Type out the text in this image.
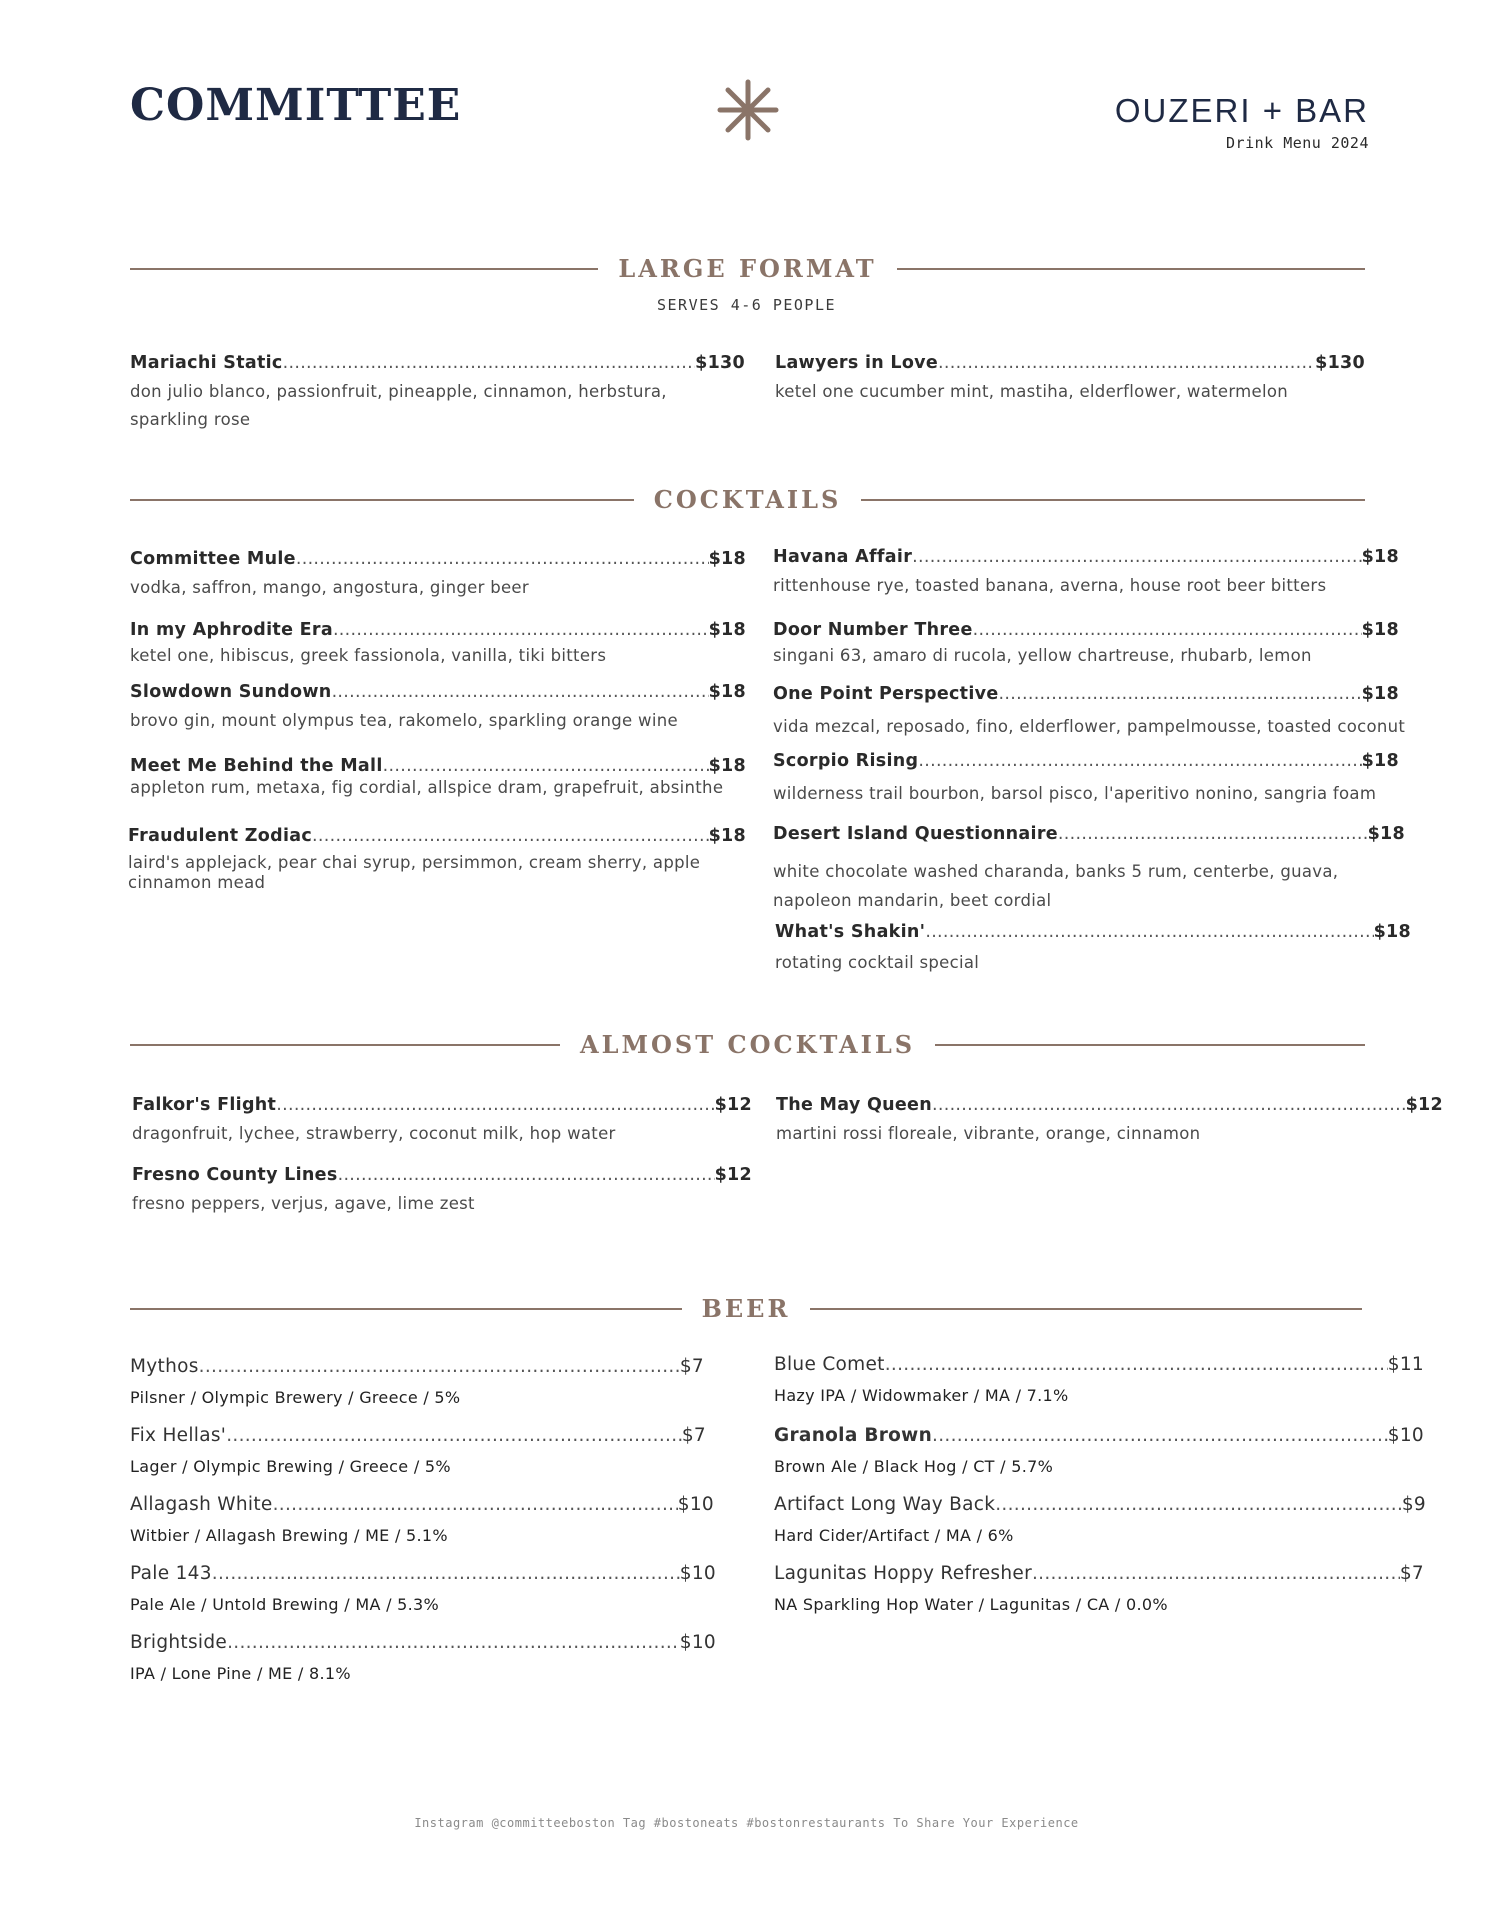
COMMITTEE	OUZERI + BAR
Drink Menu 2024
LARGE FORMAT
SERVES 4-6 PEOPLE
Mariachi Static .....	$130
don julio blanco, passionfruit, pineapple, cinnamon, herbstura, sparkling rose
Lawyers in Love .....	$130
ketel one cucumber mint, mastiha, elderflower, watermelon
COCKTAILS
Committee Mule .....	$18
vodka, saffron, mango, angostura, ginger beer
In my Aphrodite Era .....	$18
ketel one, hibiscus, greek fassionola, vanilla, tiki bitters
Slowdown Sundown .....	$18
brovo gin, mount olympus tea, rakomelo, sparkling orange wine
Meet Me Behind the Mall .....	$18
appleton rum, metaxa, fig cordial, allspice dram, grapefruit, absinthe
Fraudulent Zodiac .....	$18
laird's applejack, pear chai syrup, persimmon, cream sherry, apple cinnamon mead
Havana Affair .....	$18
rittenhouse rye, toasted banana, averna, house root beer bitters
Door Number Three .....	$18
singani 63, amaro di rucola, yellow chartreuse, rhubarb, lemon
One Point Perspective .....	$18
vida mezcal, reposado, fino, elderflower, pampelmousse, toasted coconut
Scorpio Rising .....	$18
wilderness trail bourbon, barsol pisco, l'aperitivo nonino, sangria foam
Desert Island Questionnaire .....	$18
white chocolate washed charanda, banks 5 rum, centerbe, guava, napoleon mandarin, beet cordial
What's Shakin' .....	$18
rotating cocktail special
ALMOST COCKTAILS
Falkor's Flight .....	$12
dragonfruit, lychee, strawberry, coconut milk, hop water
Fresno County Lines .....	$12
fresno peppers, verjus, agave, lime zest
The May Queen .....	$12
martini rossi floreale, vibrante, orange, cinnamon
BEER
Mythos .....	$7
Pilsner / Olympic Brewery / Greece / 5%
Fix Hellas' .....	$7
Lager / Olympic Brewing / Greece / 5%
Allagash White .....	$10
Witbier / Allagash Brewing / ME / 5.1%
Pale 143 .....	$10
Pale Ale / Untold Brewing / MA / 5.3%
Brightside .....	$10
IPA / Lone Pine / ME / 8.1%
Blue Comet .....	$11
Hazy IPA / Widowmaker / MA / 7.1%
Granola Brown .....	$10
Brown Ale / Black Hog / CT / 5.7%
Artifact Long Way Back .....	$9
Hard Cider/Artifact / MA / 6%
Lagunitas Hoppy Refresher .....	$7
NA Sparkling Hop Water / Lagunitas / CA / 0.0%
Instagram @committeeboston Tag #bostoneats #bostonrestaurants To Share Your Experience
